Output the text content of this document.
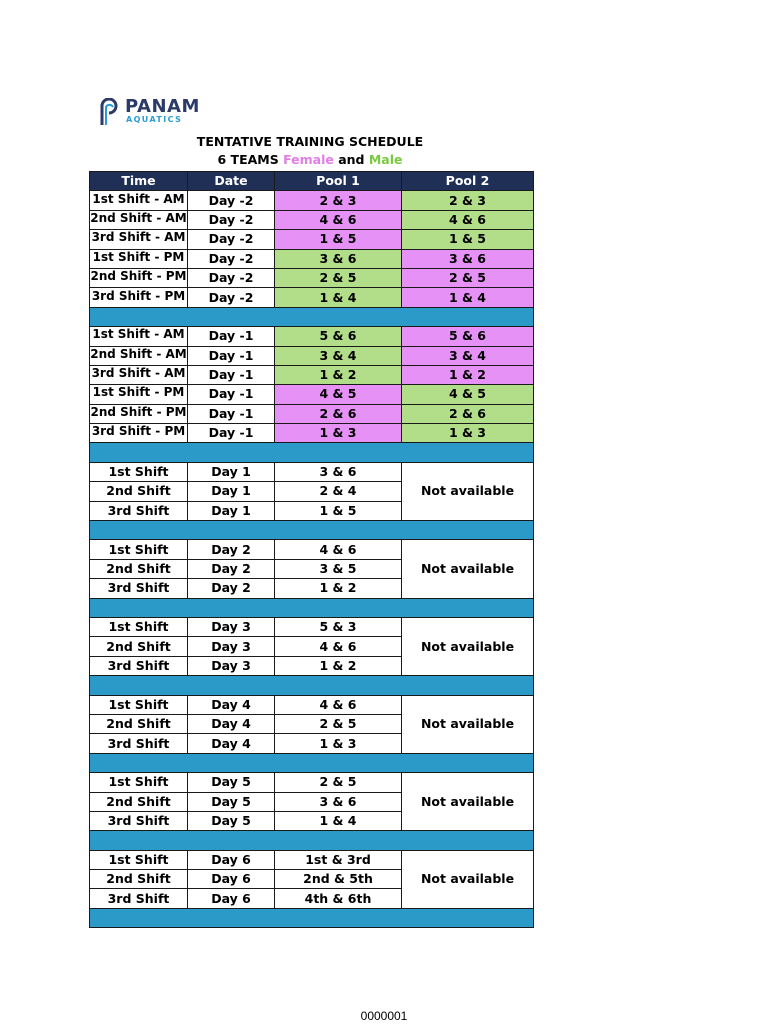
PANAM
AQUATICS
TENTATIVE TRAINING SCHEDULE
6 TEAMS Female and Male
Time	Date	Pool 1	Pool 2

1st Shift - AM	Day -2	2 & 3	2 & 3

2nd Shift - AM	Day -2	4 & 6	4 & 6

3rd Shift - AM	Day -2	1 & 5	1 & 5

1st Shift - PM	Day -2	3 & 6	3 & 6

2nd Shift - PM	Day -2	2 & 5	2 & 5

3rd Shift - PM	Day -2	1 & 4	1 & 4

1st Shift - AM	Day -1	5 & 6	5 & 6

2nd Shift - AM	Day -1	3 & 4	3 & 4

3rd Shift - AM	Day -1	1 & 2	1 & 2

1st Shift - PM	Day -1	4 & 5	4 & 5

2nd Shift - PM	Day -1	2 & 6	2 & 6

3rd Shift - PM	Day -1	1 & 3	1 & 3

1st Shift	Day 1	3 & 6	Not available
2nd Shift	Day 1	2 & 4	
3rd Shift	Day 1	1 & 5	

1st Shift	Day 2	4 & 6	Not available
2nd Shift	Day 2	3 & 5	
3rd Shift	Day 2	1 & 2	

1st Shift	Day 3	5 & 3	Not available
2nd Shift	Day 3	4 & 6	
3rd Shift	Day 3	1 & 2	

1st Shift	Day 4	4 & 6	Not available
2nd Shift	Day 4	2 & 5	
3rd Shift	Day 4	1 & 3	

1st Shift	Day 5	2 & 5	Not available
2nd Shift	Day 5	3 & 6	
3rd Shift	Day 5	1 & 4	

1st Shift	Day 6	1st & 3rd	Not available
2nd Shift	Day 6	2nd & 5th	
3rd Shift	Day 6	4th & 6th	

0000001
